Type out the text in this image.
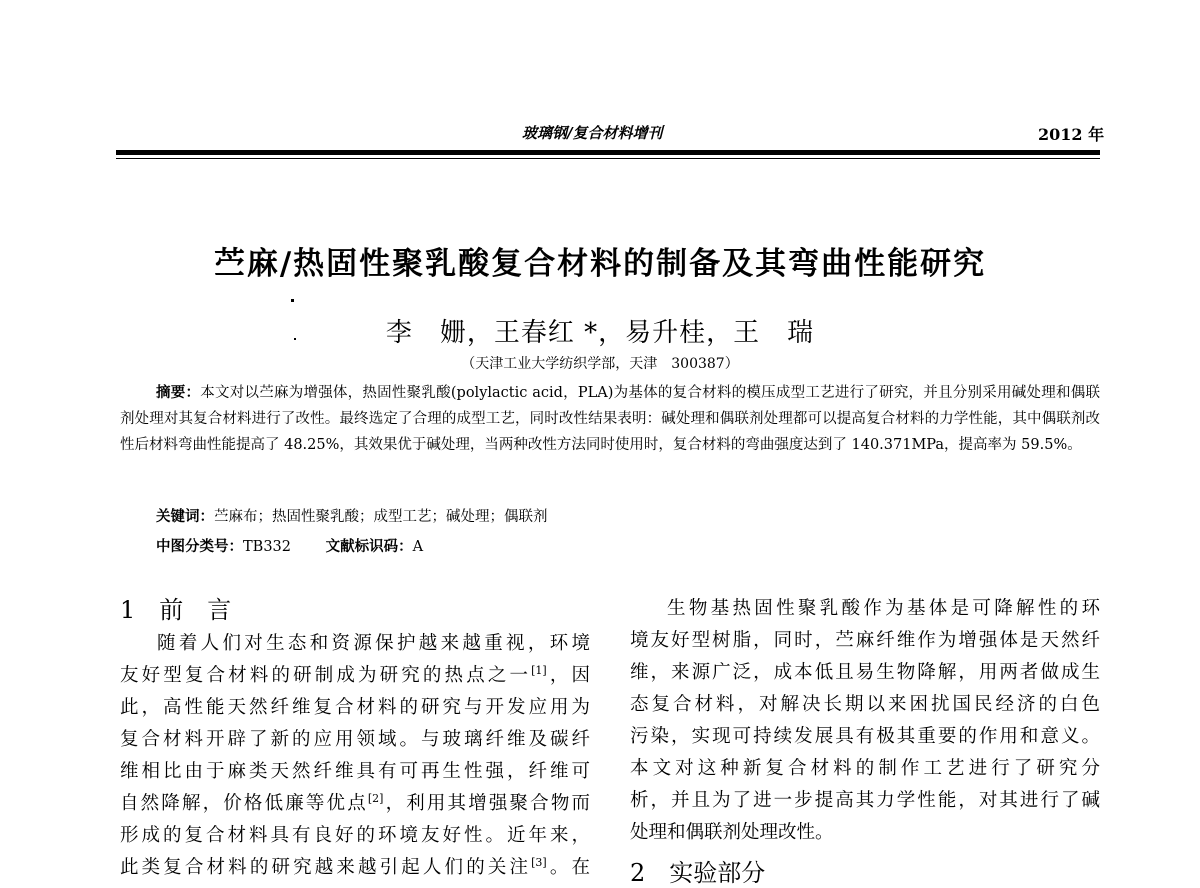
玻璃钢/复合材料增刊	2012 年
苎麻/热固性聚乳酸复合材料的制备及其弯曲性能研究
李　姗，王春红 *，易升桂，王　瑞
（天津工业大学纺织学部，天津　300387）

摘要：本文对以苎麻为增强体，热固性聚乳酸(polylactic acid，PLA)为基体的复合材料的模压成型工艺进行了研究，并且分别采用碱处理和偶联剂处理对其复合材料进行了改性。最终选定了合理的成型工艺，同时改性结果表明：碱处理和偶联剂处理都可以提高复合材料的力学性能，其中偶联剂改性后材料弯曲性能提高了 48.25%，其效果优于碱处理，当两种改性方法同时使用时，复合材料的弯曲强度达到了 140.371MPa，提高率为 59.5%。

关键词：苎麻布；热固性聚乳酸；成型工艺；碱处理；偶联剂
中图分类号：TB332 文献标识码：A
1　前　言
随着人们对生态和资源保护越来越重视，环境
友好型复合材料的研制成为研究的热点之一[1]，因
此，高性能天然纤维复合材料的研究与开发应用为
复合材料开辟了新的应用领域。与玻璃纤维及碳纤
维相比由于麻类天然纤维具有可再生性强，纤维可
自然降解，价格低廉等优点[2]，利用其增强聚合物而
形成的复合材料具有良好的环境友好性。近年来，
此类复合材料的研究越来越引起人们的关注[3]。在
生物基热固性聚乳酸作为基体是可降解性的环
境友好型树脂，同时，苎麻纤维作为增强体是天然纤
维，来源广泛，成本低且易生物降解，用两者做成生
态复合材料，对解决长期以来困扰国民经济的白色
污染，实现可持续发展具有极其重要的作用和意义。
本文对这种新复合材料的制作工艺进行了研究分
析，并且为了进一步提高其力学性能，对其进行了碱
处理和偶联剂处理改性。
2　实验部分
